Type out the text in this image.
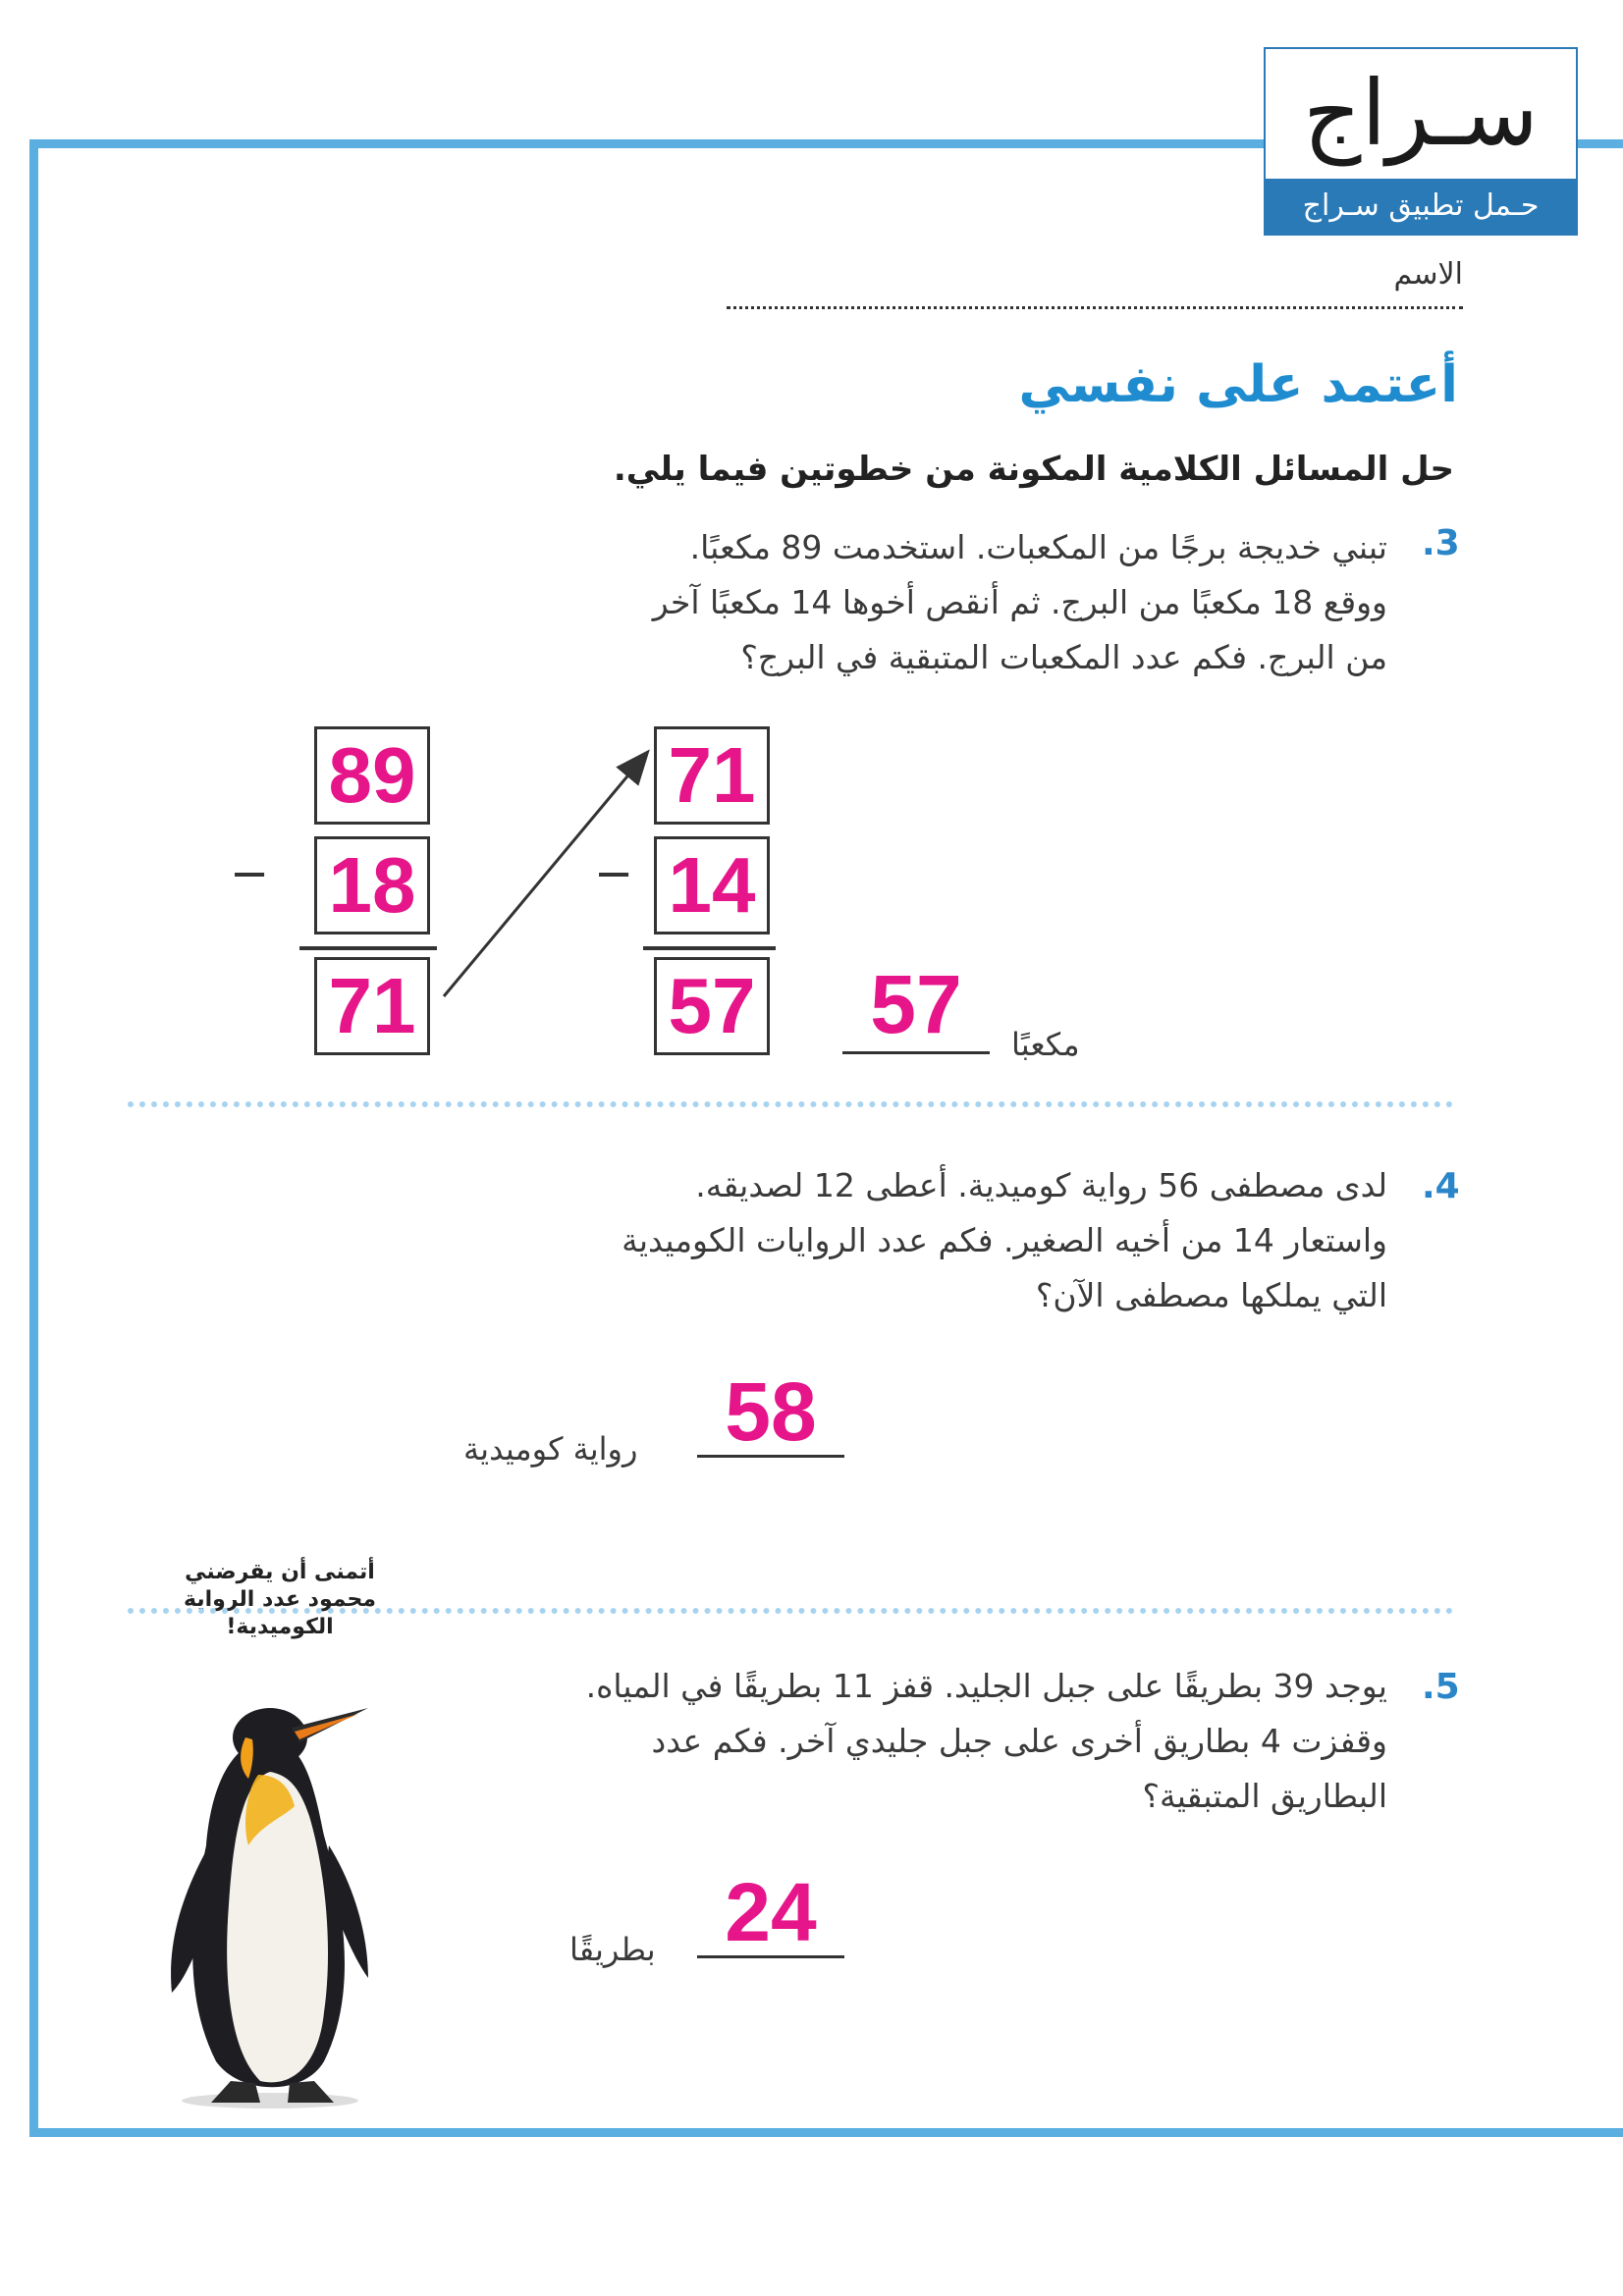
سـراج
حـمل تطبيق سـراج
الاسم
أعتمد على نفسي
حل المسائل الكلامية المكونة من خطوتين فيما يلي.
.3
تبني خديجة برجًا من المكعبات. استخدمت 89 مكعبًا.
ووقع 18 مكعبًا من البرج. ثم أنقص أخوها 14 مكعبًا آخر
من البرج. فكم عدد المكعبات المتبقية في البرج؟
89
− 18
71
71
− 14
57	57	مكعبًا
.4
لدى مصطفى 56 رواية كوميدية. أعطى 12 لصديقه.
واستعار 14 من أخيه الصغير. فكم عدد الروايات الكوميدية
التي يملكها مصطفى الآن؟
58
رواية كوميدية
أتمنى أن يقرضني
محمود عدد الرواية
الكوميدية!
.5
يوجد 39 بطريقًا على جبل الجليد. قفز 11 بطريقًا في المياه.
وقفزت 4 بطاريق أخرى على جبل جليدي آخر. فكم عدد
البطاريق المتبقية؟
24
بطريقًا
